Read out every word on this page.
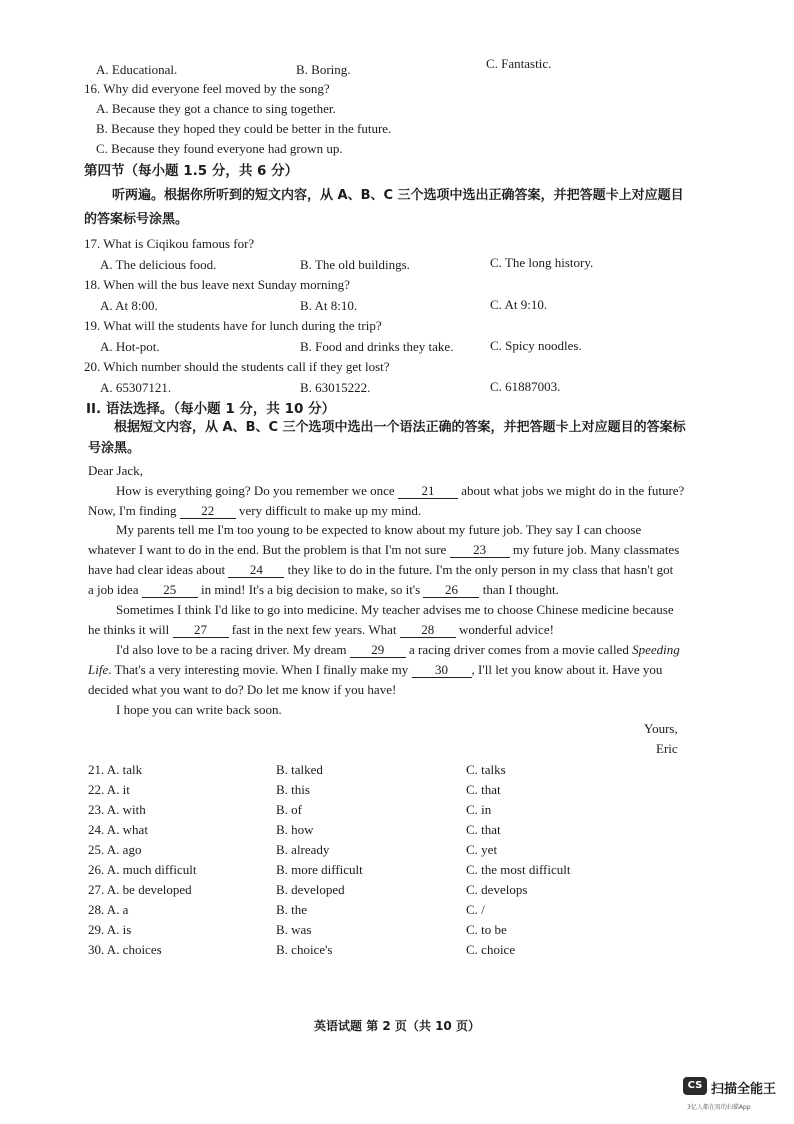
A. Educational.	B. Boring.	C. Fantastic.
16. Why did everyone feel moved by the song?
A. Because they got a chance to sing together.
B. Because they hoped they could be better in the future.
C. Because they found everyone had grown up.
第四节（每小题 1.5 分，共 6 分）
听两遍。根据你所听到的短文内容，从 A、B、C 三个选项中选出正确答案，并把答题卡上对应题目
的答案标号涂黑。
17. What is Ciqikou famous for?
A. The delicious food.	B. The old buildings.	C. The long history.
18. When will the bus leave next Sunday morning?
A. At 8:00.	B. At 8:10.	C. At 9:10.
19. What will the students have for lunch during the trip?
A. Hot-pot.	B. Food and drinks they take.	C. Spicy noodles.
20. Which number should the students call if they get lost?
A. 65307121.	B. 63015222.	C. 61887003.
II. 语法选择。（每小题 1 分，共 10 分）
根据短文内容，从 A、B、C 三个选项中选出一个语法正确的答案，并把答题卡上对应题目的答案标
号涂黑。
Dear Jack,
How is everything going? Do you remember we once 21 about what jobs we might do in the future?
Now, I'm finding 22 very difficult to make up my mind.
My parents tell me I'm too young to be expected to know about my future job. They say I can choose
whatever I want to do in the end. But the problem is that I'm not sure 23 my future job. Many classmates
have had clear ideas about 24 they like to do in the future. I'm the only person in my class that hasn't got
a job idea 25 in mind! It's a big decision to make, so it's 26 than I thought.
Sometimes I think I'd like to go into medicine. My teacher advises me to choose Chinese medicine because
he thinks it will 27 fast in the next few years. What 28 wonderful advice!
I'd also love to be a racing driver. My dream 29 a racing driver comes from a movie called Speeding
Life. That's a very interesting movie. When I finally make my 30 , I'll let you know about it. Have you
decided what you want to do? Do let me know if you have!
I hope you can write back soon.
Yours,
Eric
21. A. talk	B. talked	C. talks
22. A. it	B. this	C. that
23. A. with	B. of	C. in
24. A. what	B. how	C. that
25. A. ago	B. already	C. yet
26. A. much difficult	B. more difficult	C. the most difficult
27. A. be developed	B. developed	C. develops
28. A. a	B. the	C. /
29. A. is	B. was	C. to be
30. A. choices	B. choice's	C. choice
英语试题 第 2 页（共 10 页）
CS 扫描全能王
3亿人都在用的扫描App
